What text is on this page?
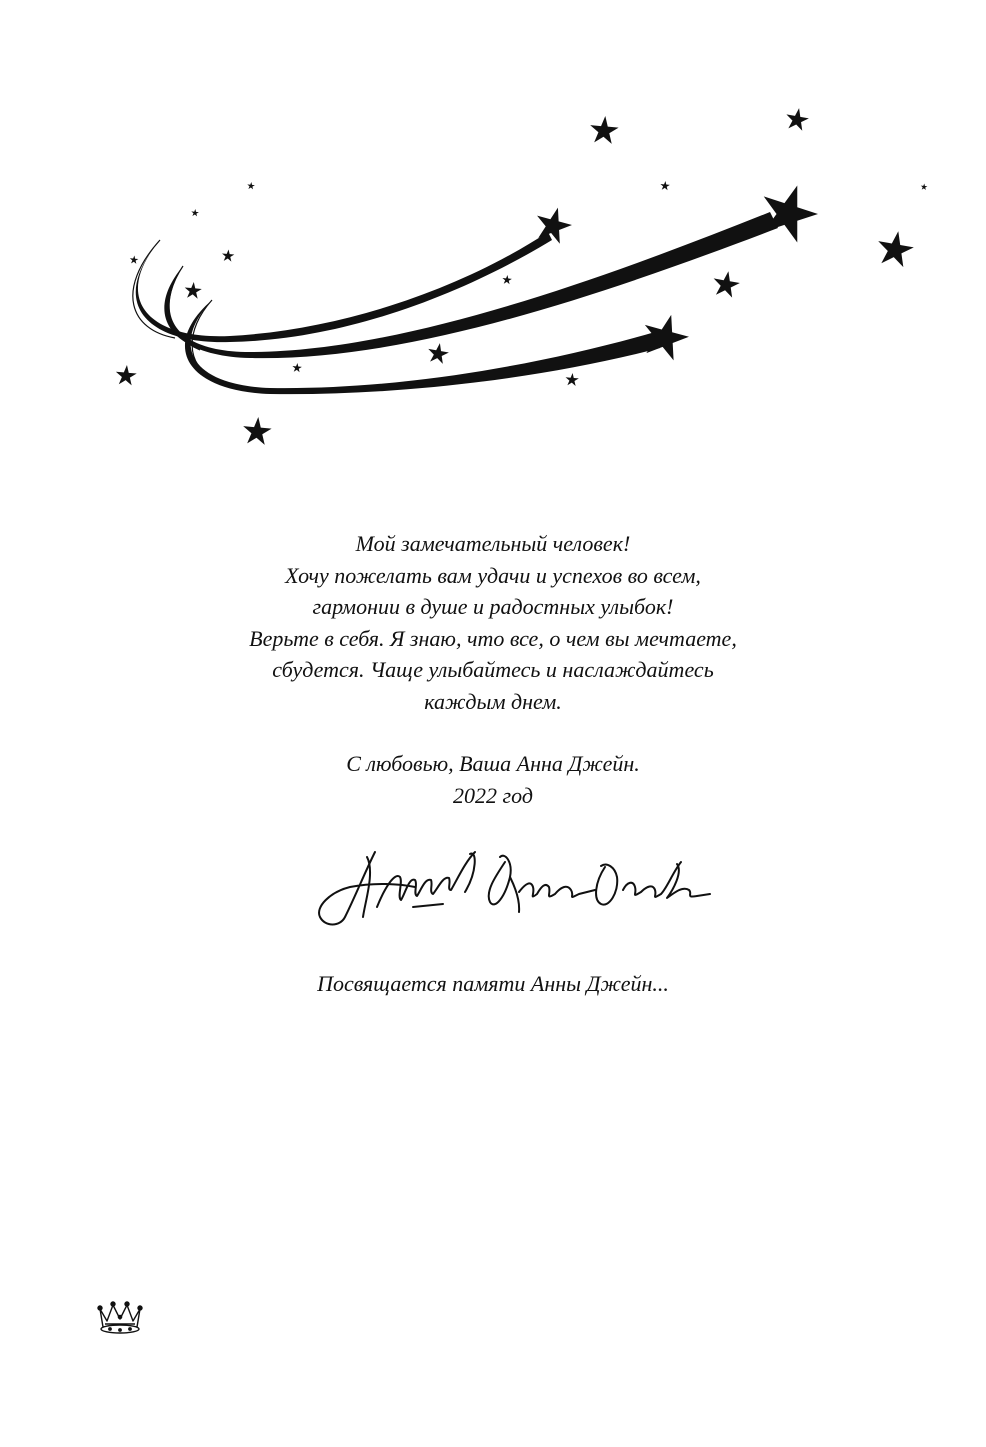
Мой замечательный человек!

Хочу пожелать вам удачи и успехов во всем,

гармонии в душе и радостных улыбок!

Верьте в себя. Я знаю, что все, о чем вы мечтаете,

сбудется. Чаще улыбайтесь и наслаждайтесь

каждым днем.

С любовью, Ваша Анна Джейн.

2022 год

Посвящается памяти Анны Джейн...
